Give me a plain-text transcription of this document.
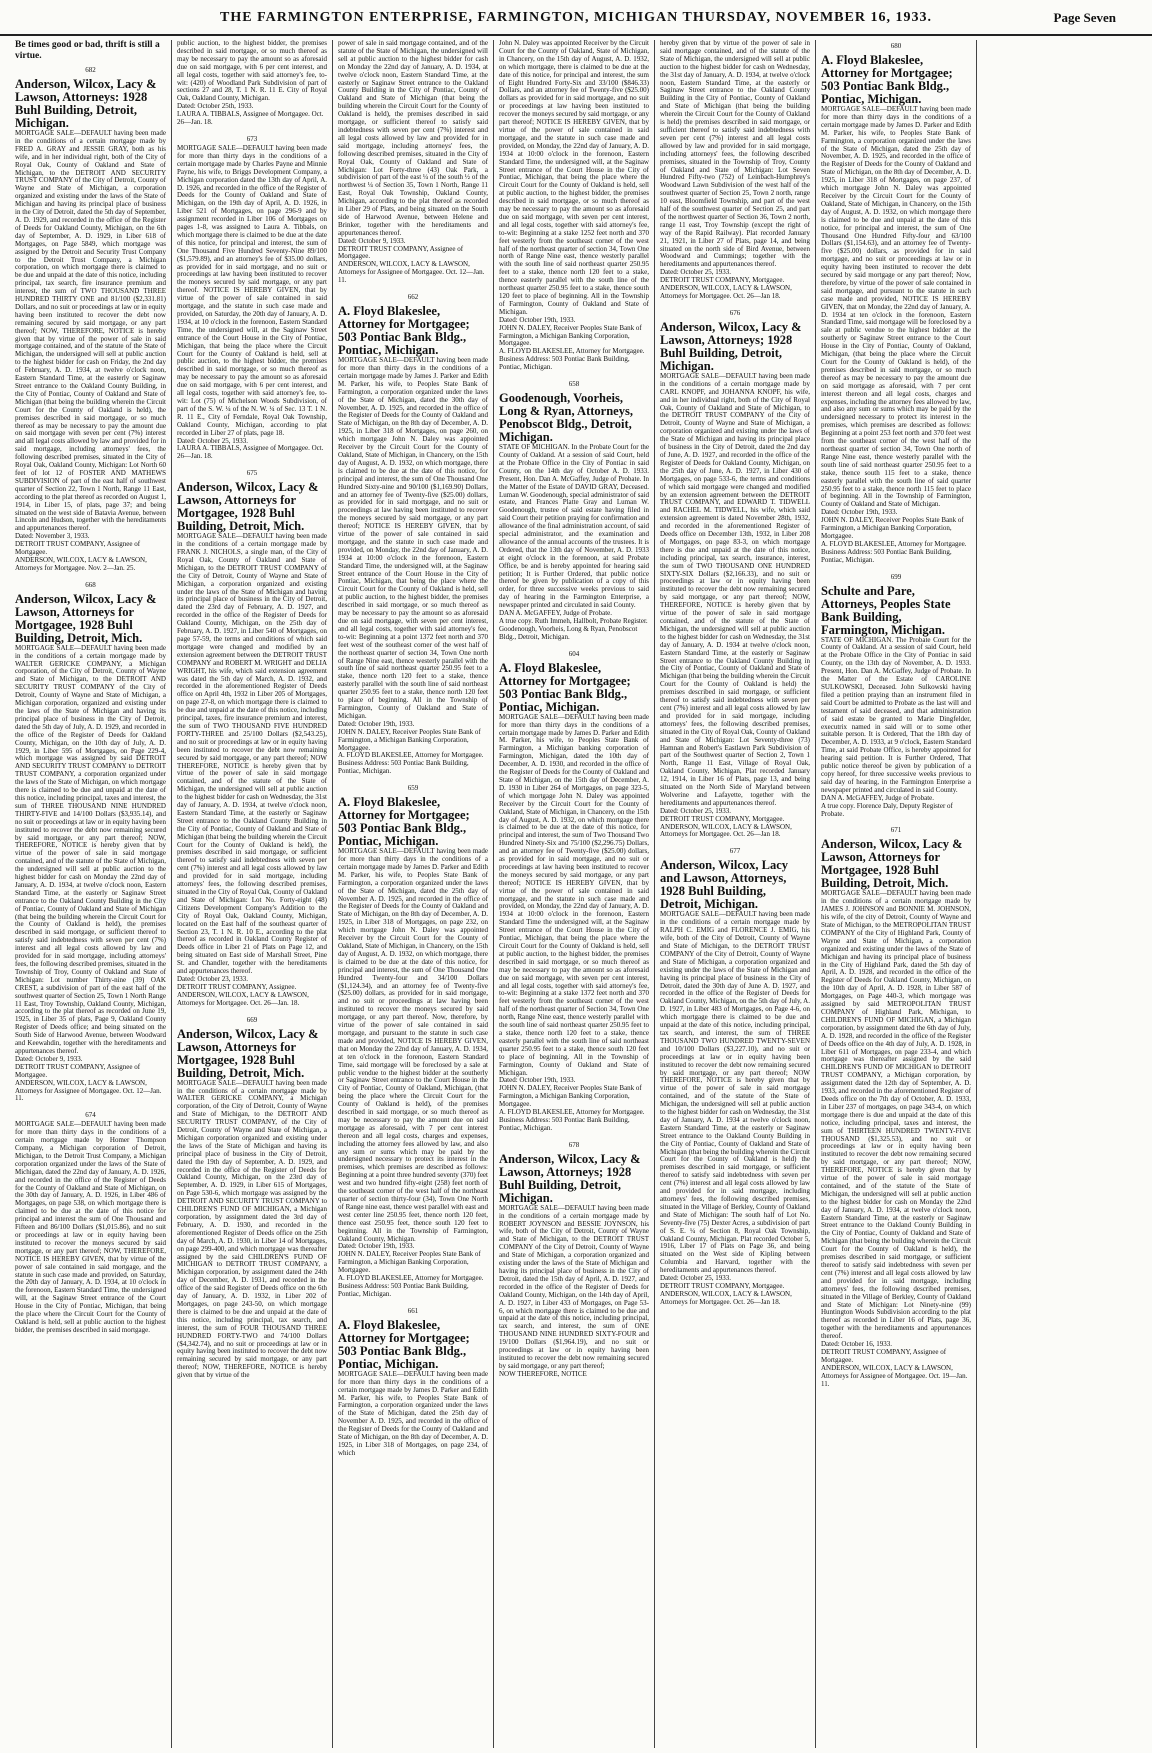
THE FARMINGTON ENTERPRISE, FARMINGTON, MICHIGAN THURSDAY, NOVEMBER 16, 1933.	Page Seven
Be times good or bad, thrift is still a virtue.
682
Anderson, Wilcox, Lacy & Lawson, Attorneys: 1928 Buhl Building, Detroit, Michigan.
MORTGAGE SALE—DEFAULT having been made in the conditions of a certain mortgage made by FRED A. GRAY and JESSIE GRAY, both as his wife, and in her individual right, both of the City of Royal Oak, County of Oakland and State of Michigan, to the DETROIT AND SECURITY TRUST COMPANY of the City of Detroit, County of Wayne and State of Michigan, a corporation organized and existing under the laws of the State of Michigan and having its principal place of business in the City of Detroit, dated the 5th day of September, A. D. 1929, and recorded in the office of the Register of Deeds for Oakland County, Michigan, on the 6th day of September, A. D. 1929, in Liber 618 of Mortgages, on Page 5849, which mortgage was assigned by the Detroit and Security Trust Company to the Detroit Trust Company, a Michigan corporation, on which mortgage there is claimed to be due and unpaid at the date of this notice, including principal, tax search, fire insurance premium and interest, the sum of TWO THOUSAND THREE HUNDRED THIRTY ONE and 81/100 ($2,331.81) Dollars, and no suit or proceedings at law or in equity having been instituted to recover the debt now remaining secured by said mortgage, or any part thereof; NOW, THEREFORE, NOTICE is hereby given that by virtue of the power of sale in said mortgage contained, and of the statute of the State of Michigan, the undersigned will sell at public auction to the highest bidder for cash on Friday, the 2nd day of February, A. D. 1934, at twelve o'clock noon, Eastern Standard Time, at the easterly or Saginaw Street entrance to the Oakland County Building, in the City of Pontiac, County of Oakland and State of Michigan (that being the building wherein the Circuit Court for the County of Oakland is held), the premises described in said mortgage, or so much thereof as may be necessary to pay the amount due on said mortgage with seven per cent (7%) interest and all legal costs allowed by law and provided for in said mortgage, including attorneys' fees, the following described premises, situated in the City of Royal Oak, Oakland County, Michigan: Lot North 60 feet of lot 12 of FOSTER AND MATHEWS SUBDIVISION of part of the east half of southwest quarter of Section 22, Town 1 North, Range 11 East, according to the plat thereof as recorded on August 1, 1914, in Liber 15, of plats, page 37; and being situated on the west side of Batavia Avenue, between Lincoln and Hudson, together with the hereditaments and appurtenances thereof.
Dated: November 3, 1933.
DETROIT TRUST COMPANY, Assignee of Mortgagee.
ANDERSON, WILCOX, LACY & LAWSON, Attorneys for Mortgagee. Nov. 2—Jan. 25.
668
Anderson, Wilcox, Lacy & Lawson, Attorneys for Mortgagee, 1928 Buhl Building, Detroit, Mich.
MORTGAGE SALE—DEFAULT having been made in the conditions of a certain mortgage made by WALTER GERICKE COMPANY, a Michigan corporation, of the City of Detroit, County of Wayne and State of Michigan, to the DETROIT AND SECURITY TRUST COMPANY of the City of Detroit, County of Wayne and State of Michigan, a Michigan corporation, organized and existing under the laws of the State of Michigan and having its principal place of business in the City of Detroit, dated the 5th day of July, A. D. 1929, and recorded in the office of the Register of Deeds for Oakland County, Michigan, on the 10th day of July, A. D. 1929, in Liber 595 of Mortgages, on Page 229-4, which mortgage was assigned by said DETROIT AND SECURITY TRUST COMPANY to DETROIT TRUST COMPANY, a corporation organized under the laws of the State of Michigan, on which mortgage there is claimed to be due and unpaid at the date of this notice, including principal, taxes and interest, the sum of THREE THOUSAND NINE HUNDRED THIRTY-FIVE and 14/100 Dollars ($3,935.14), and no suit or proceedings at law or in equity having been instituted to recover the debt now remaining secured by said mortgage, or any part thereof; NOW, THEREFORE, NOTICE is hereby given that by virtue of the power of sale in said mortgage contained, and of the statute of the State of Michigan, the undersigned will sell at public auction to the highest bidder for cash on Monday the 22nd day of January, A. D. 1934, at twelve o'clock noon, Eastern Standard Time, at the easterly or Saginaw Street entrance to the Oakland County Building in the City of Pontiac, County of Oakland and State of Michigan (that being the building wherein the Circuit Court for the County of Oakland is held), the premises described in said mortgage, or sufficient thereof to satisfy said indebtedness with seven per cent (7%) interest and all legal costs allowed by law and provided for in said mortgage, including attorneys' fees, the following described premises, situated in the Township of Troy, County of Oakland and State of Michigan: Lot number Thirty-nine (39) OAK CREST, a subdivision of part of the east half of the southwest quarter of Section 25, Town 1 North Range 11 East, Troy Township, Oakland County, Michigan, according to the plat thereof as recorded on June 19, 1925, in Liber 35 of plats, Page 9, Oakland County Register of Deeds office; and being situated on the South Side of Harwood Avenue, between Woodward and Keewahdin, together with the hereditaments and appurtenances thereof.
Dated: October 9, 1933.
DETROIT TRUST COMPANY, Assignee of Mortgagee.
ANDERSON, WILCOX, LACY & LAWSON, Attorneys for Assignee of Mortgagee. Oct. 12—Jan. 11.
674
MORTGAGE SALE—DEFAULT having been made for more than thirty days in the conditions of a certain mortgage made by Homer Thompson Company, a Michigan corporation of Detroit, Michigan, to the Detroit Trust Company, a Michigan corporation organized under the laws of the State of Michigan, dated the 22nd day of January, A. D. 1926, and recorded in the office of the Register of Deeds for the County of Oakland and State of Michigan, on the 30th day of January, A. D. 1926, in Liber 486 of Mortgages, on page 538, on which mortgage there is claimed to be due at the date of this notice for principal and interest the sum of One Thousand and Fifteen and 86/100 Dollars ($1,015.86), and no suit or proceedings at law or in equity having been instituted to recover the moneys secured by said mortgage, or any part thereof; NOW, THEREFORE, NOTICE IS HEREBY GIVEN, that by virtue of the power of sale contained in said mortgage, and the statute in such case made and provided, on Saturday, the 20th day of January, A. D. 1934, at 10 o'clock in the forenoon, Eastern Standard Time, the undersigned will, at the Saginaw Street entrance of the Court House in the City of Pontiac, Michigan, that being the place where the Circuit Court for the County of Oakland is held, sell at public auction to the highest bidder, the premises described in said mortgage.
public auction, to the highest bidder, the premises described in said mortgage, or so much thereof as may be necessary to pay the amount so as aforesaid due on said mortgage, with 6 per cent interest, and all legal costs, together with said attorney's fee, to-wit: (420) of Woodland Park Subdivision of part of sections 27 and 28, T. 1 N. R. 11 E. City of Royal Oak, Oakland County, Michigan.
Dated: October 25th, 1933.
LAURA A. TIBBALS, Assignee of Mortgagee. Oct. 26—Jan. 18.
673
MORTGAGE SALE—DEFAULT having been made for more than thirty days in the conditions of a certain mortgage made by Charles Payne and Minnie Payne, his wife, to Briggs Development Company, a Michigan corporation dated the 13th day of April, A. D. 1926, and recorded in the office of the Register of Deeds for the County of Oakland and State of Michigan, on the 19th day of April, A. D. 1926, in Liber 521 of Mortgages, on page 296-9 and by assignment recorded in Liber 106 of Mortgages on pages 1-8, was assigned to Laura A. Tibbals, on which mortgage there is claimed to be due at the date of this notice, for principal and interest, the sum of One Thousand Five Hundred Seventy-Nine 89/100 ($1,579.89), and an attorney's fee of $35.00 dollars, as provided for in said mortgage, and no suit or proceedings at law having been instituted to recover the moneys secured by said mortgage, or any part thereof. NOTICE IS HEREBY GIVEN, that by virtue of the power of sale contained in said mortgage, and the statute in such case made and provided, on Saturday, the 20th day of January, A. D. 1934, at 10 o'clock in the forenoon, Eastern Standard Time, the undersigned will, at the Saginaw Street entrance of the Court House in the City of Pontiac, Michigan, that being the place where the Circuit Court for the County of Oakland is held, sell at public auction, to the highest bidder, the premises described in said mortgage, or so much thereof as may be necessary to pay the amount so as aforesaid due on said mortgage, with 6 per cent interest, and all legal costs, together with said attorney's fee, to-wit: Lot (75) of Michelson Woods Subdivision, of part of the S. W. ¼ of the N. W. ¼ of Sec. 13 T. 1 N. R. 11 E., City of Ferndale, Royal Oak Township, Oakland County, Michigan, according to plat recorded in Liber 27 of plats, page 18.
Dated: October 25, 1933.
LAURA A. TIBBALS, Assignee of Mortgagee. Oct. 26—Jan. 18.
675
Anderson, Wilcox, Lacy & Lawson, Attorneys for Mortgagee, 1928 Buhl Building, Detroit, Mich.
MORTGAGE SALE—DEFAULT having been made in the conditions of a certain mortgage made by FRANK J. NICHOLS, a single man, of the City of Royal Oak, County of Oakland and State of Michigan, to the DETROIT TRUST COMPANY of the City of Detroit, County of Wayne and State of Michigan, a corporation organized and existing under the laws of the State of Michigan and having its principal place of business in the City of Detroit, dated the 23rd day of February, A. D. 1927, and recorded in the office of the Register of Deeds for Oakland County, Michigan, on the 25th day of February, A. D. 1927, in Liber 540 of Mortgages, on page 57-59, the terms and conditions of which said mortgage were changed and modified by an extension agreement between the DETROIT TRUST COMPANY and ROBERT M. WRIGHT and DELIA WRIGHT, his wife, which said extension agreement was dated the 5th day of March, A. D. 1932, and recorded in the aforementioned Register of Deeds office on April 4th, 1932 in Liber 205 of Mortgages, on page 27-8, on which mortgage there is claimed to be due and unpaid at the date of this notice, including principal, taxes, fire insurance premium and interest, the sum of TWO THOUSAND FIVE HUNDRED FORTY-THREE and 25/100 Dollars ($2,543.25), and no suit or proceedings at law or in equity having been instituted to recover the debt now remaining secured by said mortgage, or any part thereof; NOW THEREFORE, NOTICE is hereby given that by virtue of the power of sale in said mortgage contained, and of the statute of the State of Michigan, the undersigned will sell at public auction to the highest bidder for cash on Wednesday, the 31st day of January, A. D. 1934, at twelve o'clock noon, Eastern Standard Time, at the easterly or Saginaw Street entrance to the Oakland County Building in the City of Pontiac, County of Oakland and State of Michigan (that being the building wherein the Circuit Court for the County of Oakland is held), the premises described in said mortgage, or sufficient thereof to satisfy said indebtedness with seven per cent (7%) interest and all legal costs allowed by law and provided for in said mortgage, including attorneys' fees, the following described premises, situated in the City of Royal Oak, County of Oakland and State of Michigan: Lot No. Forty-eight (48) Citizens Development Company's Addition to the City of Royal Oak, Oakland County, Michigan, located on the East half of the southeast quarter of Section 23, T. 1 N. R. 10 E., according to the plat thereof as recorded in Oakland County Register of Deeds office in Liber 21 of Plats on Page 12, and being situated on East side of Marshall Street, Pine St. and Chandler, together with the hereditaments and appurtenances thereof.
Dated: October 23, 1933.
DETROIT TRUST COMPANY, Assignee.
ANDERSON, WILCOX, LACY & LAWSON, Attorneys for Mortgagee. Oct. 26—Jan. 18.
669
Anderson, Wilcox, Lacy & Lawson, Attorneys for Mortgagee, 1928 Buhl Building, Detroit, Mich.
MORTGAGE SALE—DEFAULT having been made in the conditions of a certain mortgage made by WALTER GERICKE COMPANY, a Michigan corporation, of the City of Detroit, County of Wayne and State of Michigan, to the DETROIT AND SECURITY TRUST COMPANY, of the City of Detroit, County of Wayne and State of Michigan, a Michigan corporation organized and existing under the laws of the State of Michigan and having its principal place of business in the City of Detroit, dated the 19th day of September, A. D. 1929, and recorded in the office of the Register of Deeds for Oakland County, Michigan, on the 23rd day of September, A. D. 1929, in Liber 615 of Mortgages, on Page 530-6, which mortgage was assigned by the DETROIT AND SECURITY TRUST COMPANY to CHILDREN'S FUND OF MICHIGAN, a Michigan corporation, by assignment dated the 3rd day of February, A. D. 1930, and recorded in the aforementioned Register of Deeds office on the 25th day of March, A. D. 1930, in Liber 14 of Mortgages, on page 299-400, and which mortgage was thereafter assigned by the said CHILDREN'S FUND OF MICHIGAN to DETROIT TRUST COMPANY, a Michigan corporation, by assignment dated the 24th day of December, A. D. 1931, and recorded in the office of the said Register of Deeds office on the 6th day of January, A. D. 1932, in Liber 202 of Mortgages, on page 243-50, on which mortgage there is claimed to be due and unpaid at the date of this notice, including principal, tax search, and interest, the sum of FOUR THOUSAND THREE HUNDRED FORTY-TWO and 74/100 Dollars ($4,342.74), and no suit or proceedings at law or in equity having been instituted to recover the debt now remaining secured by said mortgage, or any part thereof; NOW, THEREFORE, NOTICE is hereby given that by virtue of the
power of sale in said mortgage contained, and of the statute of the State of Michigan, the undersigned will sell at public auction to the highest bidder for cash on Monday the 22nd day of January, A. D. 1934, at twelve o'clock noon, Eastern Standard Time, at the easterly or Saginaw Street entrance to the Oakland County Building in the City of Pontiac, County of Oakland and State of Michigan (that being the building wherein the Circuit Court for the County of Oakland is held), the premises described in said mortgage, or sufficient thereof to satisfy said indebtedness with seven per cent (7%) interest and all legal costs allowed by law and provided for in said mortgage, including attorneys' fees, the following described premises, situated in the City of Royal Oak, County of Oakland and State of Michigan: Lot Forty-three (43) Oak Park, a subdivision of part of the east ¼ of the south ½ of the northwest ¼ of Section 35, Town 1 North, Range 11 East, Royal Oak Township, Oakland County, Michigan, according to the plat thereof as recorded in Liber 29 of Plats, and being situated on the South side of Harwood Avenue, between Helene and Brinker, together with the hereditaments and appurtenances thereof.
Dated: October 9, 1933.
DETROIT TRUST COMPANY, Assignee of Mortgagee.
ANDERSON, WILCOX, LACY & LAWSON, Attorneys for Assignee of Mortgagee. Oct. 12—Jan. 11.
662
A. Floyd Blakeslee, Attorney for Mortgagee; 503 Pontiac Bank Bldg., Pontiac, Michigan.
MORTGAGE SALE—DEFAULT having been made for more than thirty days in the conditions of a certain mortgage made by James J. Parker and Edith M. Parker, his wife, to Peoples State Bank of Farmington, a corporation organized under the laws of the State of Michigan, dated the 30th day of November, A. D. 1925, and recorded in the office of the Register of Deeds for the County of Oakland and State of Michigan, on the 8th day of December, A. D. 1925, in Liber 318 of Mortgages, on page 260, on which mortgage John N. Daley was appointed Receiver by the Circuit Court for the County of Oakland, State of Michigan, in Chancery, on the 15th day of August, A. D. 1932, on which mortgage, there is claimed to be due at the date of this notice, for principal and interest, the sum of One Thousand One Hundred Sixty-nine and 90/100 ($1,169.90) Dollars, and an attorney fee of Twenty-five ($25.00) dollars, as provided for in said mortgage, and no suit or proceedings at law having been instituted to recover the moneys secured by said mortgage, or any part thereof; NOTICE IS HEREBY GIVEN, that by virtue of the power of sale contained in said mortgage, and the statute in such case made and provided, on Monday, the 22nd day of January, A. D. 1934 at 10:00 o'clock in the forenoon, Eastern Standard Time, the undersigned will, at the Saginaw Street entrance of the Court House in the City of Pontiac, Michigan, that being the place where the Circuit Court for the County of Oakland is held, sell at public auction, to the highest bidder, the premises described in said mortgage, or so much thereof as may be necessary to pay the amount so as aforesaid due on said mortgage, with seven per cent interest, and all legal costs, together with said attorney's fee, to-wit: Beginning at a point 1372 feet north and 370 feet west of the southeast corner of the west half of the northeast quarter of section 34, Town One north of Range Nine east, thence westerly parallel with the south line of said northeast quarter 250.95 feet to a stake, thence north 120 feet to a stake, thence easterly parallel with the south line of said northeast quarter 250.95 feet to a stake, thence north 120 feet to place of beginning. All in the Township of Farmington, County of Oakland and State of Michigan.
Dated: October 19th, 1933.
JOHN N. DALEY, Receiver Peoples State Bank of Farmington, a Michigan Banking Corporation, Mortgagee.
A. FLOYD BLAKESLEE, Attorney for Mortgagee. Business Address: 503 Pontiac Bank Building, Pontiac, Michigan.
659
A. Floyd Blakeslee, Attorney for Mortgagee; 503 Pontiac Bank Bldg., Pontiac, Michigan.
MORTGAGE SALE—DEFAULT having been made for more than thirty days in the conditions of a certain mortgage made by James D. Parker and Edith M. Parker, his wife, to Peoples State Bank of Farmington, a corporation organized under the laws of the State of Michigan, dated the 25th day of November A. D. 1925, and recorded in the office of the Register of Deeds for the County of Oakland and State of Michigan, on the 8th day of December, A. D. 1925, in Liber 318 of Mortgages, on page 232, on which mortgage John N. Daley was appointed Receiver by the Circuit Court for the County of Oakland, State of Michigan, in Chancery, on the 15th day of August, A. D. 1932, on which mortgage, there is claimed to be due at the date of this notice, for principal and interest, the sum of One Thousand One Hundred Twenty-four and 34/100 Dollars ($1,124.34), and an attorney fee of Twenty-five ($25.00) dollars, as provided for in said mortgage, and no suit or proceedings at law having been instituted to recover the moneys secured by said mortgage, or any part thereof. Now, therefore, by virtue of the power of sale contained in said mortgage, and pursuant to the statute in such case made and provided, NOTICE IS HEREBY GIVEN, that on Monday the 22nd day of January, A. D. 1934, at ten o'clock in the forenoon, Eastern Standard Time, said mortgage will be foreclosed by a sale at public vendue to the highest bidder at the southerly or Saginaw Street entrance to the Court House in the City of Pontiac, County of Oakland, Michigan, (that being the place where the Circuit Court for the County of Oakland is held), of the premises described in said mortgage, or so much thereof as may be necessary to pay the amount due on said mortgage as aforesaid, with 7 per cent interest thereon and all legal costs, charges and expenses, including the attorney fees allowed by law, and also any sum or sums which may be paid by the undersigned necessary to protect its interest in the premises, which premises are described as follows: Beginning at a point three hundred seventy (370) feet west and two hundred fifty-eight (258) feet north of the southeast corner of the west half of the northeast quarter of section thirty-four (34), Town One North of Range nine east, thence west parallel with east and west center line 250.95 feet, thence north 120 feet, thence east 250.95 feet, thence south 120 feet to beginning. All in the Township of Farmington, Oakland County, Michigan.
Dated: October 19th, 1933.
JOHN N. DALEY, Receiver Peoples State Bank of Farmington, a Michigan Banking Corporation, Mortgagee.
A. FLOYD BLAKESLEE, Attorney for Mortgagee. Business Address: 503 Pontiac Bank Building, Pontiac, Michigan.
661
A. Floyd Blakeslee, Attorney for Mortgagee; 503 Pontiac Bank Bldg., Pontiac, Michigan.
MORTGAGE SALE—DEFAULT having been made for more than thirty days in the conditions of a certain mortgage made by James D. Parker and Edith M. Parker, his wife, to Peoples State Bank of Farmington, a corporation organized under the laws of the State of Michigan, dated the 25th day of November A. D. 1925, and recorded in the office of the Register of Deeds for the County of Oakland and State of Michigan, on the 8th day of December, A. D. 1925, in Liber 318 of Mortgages, on page 234, of which
John N. Daley was appointed Receiver by the Circuit Court for the County of Oakland, State of Michigan, in Chancery, on the 15th day of August, A. D. 1932, on which mortgage, there is claimed to be due at the date of this notice, for principal and interest, the sum of Eight Hundred Forty-Six and 33/100 ($846.33) Dollars, and an attorney fee of Twenty-five ($25.00) dollars as provided for in said mortgage, and no suit or proceedings at law having been instituted to recover the moneys secured by said mortgage, or any part thereof; NOTICE IS HEREBY GIVEN, that by virtue of the power of sale contained in said mortgage, and the statute in such case made and provided, on Monday, the 22nd day of January, A. D. 1934 at 10:00 o'clock in the forenoon, Eastern Standard Time, the undersigned will, at the Saginaw Street entrance of the Court House in the City of Pontiac, Michigan, that being the place where the Circuit Court for the County of Oakland is held, sell at public auction, to the highest bidder, the premises described in said mortgage, or so much thereof as may be necessary to pay the amount so as aforesaid due on said mortgage, with seven per cent interest, and all legal costs, together with said attorney's fee, to-wit: Beginning at a stake 1252 feet north and 370 feet westerly from the southeast corner of the west half of the northeast quarter of section 34, Town One north of Range Nine east, thence westerly parallel with the south line of said northeast quarter 250.95 feet to a stake, thence north 120 feet to a stake, thence easterly parallel with the south line of the northeast quarter 250.95 feet to a stake, thence south 120 feet to place of beginning. All in the Township of Farmington, County of Oakland and State of Michigan.
Dated: October 19th, 1933.
JOHN N. DALEY, Receiver Peoples State Bank of Farmington, a Michigan Banking Corporation, Mortgagee.
A. FLOYD BLAKESLEE, Attorney for Mortgagee. Business Address: 503 Pontiac Bank Building, Pontiac, Michigan.
658
Goodenough, Voorheis, Long & Ryan, Attorneys, Penobscot Bldg., Detroit, Michigan.
STATE OF MICHIGAN. In the Probate Court for the County of Oakland. At a session of said Court, held at the Probate Office in the City of Pontiac in said County, on the 14th day of October A. D. 1933. Present, Hon. Dan A. McGaffey, Judge of Probate. In the Matter of the Estate of DAVID GRAY, Deceased. Luman W. Goodenough, special administrator of said estate, and Frances Platte Gray and Luman W. Goodenough, trustee of said estate having filed in said Court their petition praying for confirmation and allowance of the final administration account, of said special administrator, and the examination and allowance of the annual accounts of the trustees. It is Ordered, that the 13th day of November, A. D. 1933 at eight o'clock in the forenoon, at said Probate Office, be and is hereby appointed for hearing said petition; It is Further Ordered, that public notice thereof be given by publication of a copy of this order, for three successive weeks previous to said day of hearing in the Farmington Enterprise, a newspaper printed and circulated in said County.
DAN A. McGAFFEY, Judge of Probate.
A true copy. Ruth Immeh, Hallbolt, Probate Register.
Goodenough, Voorheis, Long & Ryan, Penobscot Bldg., Detroit, Michigan.
604
A. Floyd Blakeslee, Attorney for Mortgagee; 503 Pontiac Bank Bldg., Pontiac, Michigan.
MORTGAGE SALE—DEFAULT having been made for more than thirty days in the conditions of a certain mortgage made by James D. Parker and Edith M. Parker, his wife, to Peoples State Bank of Farmington, a Michigan banking corporation of Farmington, Michigan, dated the 10th day of December, A. D. 1930, and recorded in the office of the Register of Deeds for the County of Oakland and State of Michigan, on the 15th day of December, A. D. 1930 in Liber 264 of Mortgages, on page 323-5, of which mortgage John N. Daley was appointed Receiver by the Circuit Court for the County of Oakland, State of Michigan, in Chancery, on the 15th day of August, A. D. 1932, on which mortgage there is claimed to be due at the date of this notice, for principal and interest, the sum of Two Thousand Two Hundred Ninety-Six and 75/100 ($2,296.75) Dollars, and an attorney fee of Twenty-five ($25.00) dollars, as provided for in said mortgage, and no suit or proceedings at law having been instituted to recover the moneys secured by said mortgage, or any part thereof; NOTICE IS HEREBY GIVEN, that by virtue of the power of sale contained in said mortgage, and the statute in such case made and provided, on Monday, the 22nd day of January, A. D. 1934 at 10:00 o'clock in the forenoon, Eastern Standard Time the undersigned will, at the Saginaw Street entrance of the Court House in the City of Pontiac, Michigan, that being the place where the Circuit Court for the County of Oakland is held, sell at public auction, to the highest bidder, the premises described in said mortgage, or so much thereof as may be necessary to pay the amount so as aforesaid due on said mortgage, with seven per cent interest, and all legal costs, together with said attorney's fee, to-wit: Beginning at a stake 1372 feet north and 370 feet westerly from the southeast corner of the west half of the northeast quarter of Section 34, Town One north, Range Nine east, thence westerly parallel with the south line of said northeast quarter 250.95 feet to a stake, thence north 120 feet to a stake, thence easterly parallel with the south line of said northeast quarter 250.95 feet to a stake, thence south 120 feet to place of beginning. All in the Township of Farmington, County of Oakland and State of Michigan.
Dated: October 19th, 1933.
JOHN N. DALEY, Receiver Peoples State Bank of Farmington, a Michigan Banking Corporation, Mortgagee.
A. FLOYD BLAKESLEE, Attorney for Mortgagee. Business Address: 503 Pontiac Bank Building, Pontiac, Michigan.
678
Anderson, Wilcox, Lacy & Lawson, Attorneys; 1928 Buhl Building, Detroit, Michigan.
MORTGAGE SALE—DEFAULT having been made in the conditions of a certain mortgage made by ROBERT JOYNSON and BESSIE JOYNSON, his wife, both of the City of Detroit, County of Wayne and State of Michigan, to the DETROIT TRUST COMPANY of the City of Detroit, County of Wayne and State of Michigan, a corporation organized and existing under the laws of the State of Michigan and having its principal place of business in the City of Detroit, dated the 15th day of April, A. D. 1927, and recorded in the office of the Register of Deeds for Oakland County, Michigan, on the 14th day of April, A. D. 1927, in Liber 433 of Mortgages, on Page 53-6, on which mortgage there is claimed to be due and unpaid at the date of this notice, including principal, tax search, and interest, the sum of ONE THOUSAND NINE HUNDRED SIXTY-FOUR and 19/100 Dollars ($1,964.19), and no suit or proceedings at law or in equity having been instituted to recover the debt now remaining secured by said mortgage, or any part thereof;
NOW THEREFORE, NOTICE
hereby given that by virtue of the power of sale in said mortgage contained, and of the statute of the State of Michigan, the undersigned will sell at public auction to the highest bidder for cash on Wednesday, the 31st day of January, A. D. 1934, at twelve o'clock noon, Eastern Standard Time, at the easterly or Saginaw Street entrance to the Oakland County Building in the City of Pontiac, County of Oakland and State of Michigan (that being the building wherein the Circuit Court for the County of Oakland is held) the premises described in said mortgage, or sufficient thereof to satisfy said indebtedness with seven per cent (7%) interest and all legal costs allowed by law and provided for in said mortgage, including attorneys' fees, the following described premises, situated in the Township of Troy, County of Oakland and State of Michigan: Lot Seven Hundred Fifty-two (752) of Leinbach-Humphrey's Woodward Lawn Subdivision of the west half of the southwest quarter of Section 25, Town 2 north, range 10 east, Bloomfield Township, and part of the west half of the southwest quarter of Section 25, and part of the northwest quarter of Section 36, Town 2 north, range 11 east, Troy Township (except the right of way of the Rapid Railway). Plat recorded January 21, 1921, in Liber 27 of Plats, page 14, and being situated on the north side of Bird Avenue, between Woodward and Cummings; together with the hereditaments and appurtenances thereof.
Dated: October 25, 1933.
DETROIT TRUST COMPANY, Mortgagee.
ANDERSON, WILCOX, LACY & LAWSON, Attorneys for Mortgagee. Oct. 26—Jan 18.
676
Anderson, Wilcox, Lacy & Lawson, Attorneys; 1928 Buhl Building, Detroit, Michigan.
MORTGAGE SALE—DEFAULT having been made in the conditions of a certain mortgage made by CARL KNOPF, and JOHANNA KNOPF, his wife, and in her individual right, both of the City of Royal Oak, County of Oakland and State of Michigan, to the DETROIT TRUST COMPANY of the City of Detroit, County of Wayne and State of Michigan, a corporation organized and existing under the laws of the State of Michigan and having its principal place of business in the City of Detroit, dated the 2nd day of June, A. D. 1927, and recorded in the office of the Register of Deeds for Oakland County, Michigan, on the 25th day of June, A. D. 1927, in Liber 430 of Mortgages, on page 533-6, the terms and conditions of which said mortgage were changed and modified by an extension agreement between the DETROIT TRUST COMPANY, and EDWARD T. TIDWELL and RACHEL M. TIDWELL, his wife, which said extension agreement is dated November 28th, 1932, and recorded in the aforementioned Register of Deeds office on December 13th, 1932, in Liber 208 of Mortgages, on page 83-3, on which mortgage there is due and unpaid at the date of this notice, including principal, tax search, insurance, interest, the sum of TWO THOUSAND ONE HUNDRED SIXTY-SIX Dollars ($2,166.33), and no suit or proceedings at law or in equity having been instituted to recover the debt now remaining secured by said mortgage, or any part thereof; NOW, THEREFORE, NOTICE is hereby given that by virtue of the power of sale in said mortgage contained, and of the statute of the State of Michigan, the undersigned will sell at public auction to the highest bidder for cash on Wednesday, the 31st day of January, A. D. 1934 at twelve o'clock noon, Eastern Standard Time, at the easterly or Saginaw Street entrance to the Oakland County Building in the City of Pontiac, County of Oakland and State of Michigan (that being the building wherein the Circuit Court for the County of Oakland is held) the premises described in said mortgage, or sufficient thereof to satisfy said indebtedness with seven per cent (7%) interest and all legal costs allowed by law and provided for in said mortgage, including attorneys' fees, the following described premises, situated in the City of Royal Oak, County of Oakland and State of Michigan: Lot Seventy-three (73) Hamnan and Robert's Eastlawn Park Subdivision of part of the Southwest quarter of Section 2, Town 1 North, Range 11 East, Village of Royal Oak, Oakland County, Michigan, Plat recorded January 12, 1914, in Liber 16 of Plats, page 13, and being situated on the North Side of Maryland between Wolverine and Lafayette, together with the hereditaments and appurtenances thereof.
Dated: October 25, 1933.
DETROIT TRUST COMPANY, Mortgagee.
ANDERSON, WILCOX, LACY & LAWSON, Attorneys for Mortgagee. Oct. 26—Jan 18.
677
Anderson, Wilcox, Lacy and Lawson, Attorneys, 1928 Buhl Building, Detroit, Michigan.
MORTGAGE SALE—DEFAULT having been made in the conditions of a certain mortgage made by RALPH C. EMIG and FLORENCE J. EMIG, his wife, both of the City of Detroit, County of Wayne and State of Michigan, to the DETROIT TRUST COMPANY of the City of Detroit, County of Wayne and State of Michigan, a corporation organized and existing under the laws of the State of Michigan and having its principal place of business in the City of Detroit, dated the 30th day of June A. D. 1927, and recorded in the office of the Register of Deeds for Oakland County, Michigan, on the 5th day of July, A. D. 1927, in Liber 483 of Mortgages, on Page 4-6, on which mortgage there is claimed to be due and unpaid at the date of this notice, including principal, tax search, and interest, the sum of THREE THOUSAND TWO HUNDRED TWENTY-SEVEN and 10/100 Dollars ($3,227.10), and no suit or proceedings at law or in equity having been instituted to recover the debt now remaining secured by said mortgage, or any part thereof; NOW THEREFORE, NOTICE is hereby given that by virtue of the power of sale in said mortgage contained, and of the statute of the State of Michigan, the undersigned will sell at public auction to the highest bidder for cash on Wednesday, the 31st day of January, A. D. 1934 at twelve o'clock noon, Eastern Standard Time, at the easterly or Saginaw Street entrance to the Oakland County Building in the City of Pontiac, County of Oakland and State of Michigan (that being the building wherein the Circuit Court for the County of Oakland is held) the premises described in said mortgage, or sufficient thereof to satisfy said indebtedness with seven per cent (7%) interest and all legal costs allowed by law and provided for in said mortgage, including attorneys' fees, the following described premises, situated in the Village of Berkley, County of Oakland and State of Michigan: The south half of Lot No. Seventy-five (75) Dexter Acres, a subdivision of part of S. E. ¼ of Section 8, Royal Oak Township, Oakland County, Michigan. Plat recorded October 5, 1916, Liber 17 of Plats on Page 36, and being situated on the West side of Kipling between Columbia and Harvard, together with the hereditaments and appurtenances thereof.
Dated: October 25, 1933.
DETROIT TRUST COMPANY, Mortgagee.
ANDERSON, WILCOX, LACY & LAWSON, Attorneys for Mortgagee. Oct. 26—Jan 18.
680
A. Floyd Blakeslee, Attorney for Mortgagee; 503 Pontiac Bank Bldg., Pontiac, Michigan.
MORTGAGE SALE—DEFAULT having been made for more than thirty days in the conditions of a certain mortgage made by James D. Parker and Edith M. Parker, his wife, to Peoples State Bank of Farmington, a corporation organized under the laws of the State of Michigan, dated the 25th day of November, A. D. 1925, and recorded in the office of the Register of Deeds for the County of Oakland and State of Michigan, on the 8th day of December, A. D. 1925, in Liber 318 of Mortgages, on page 237, of which mortgage John N. Daley was appointed Receiver by the Circuit Court for the County of Oakland, State of Michigan, in Chancery, on the 15th day of August, A. D. 1932, on which mortgage there is claimed to be due and unpaid at the date of this notice, for principal and interest, the sum of One Thousand One Hundred Fifty-four and 63/100 Dollars ($1,154.63), and an attorney fee of Twenty-five ($25.00) dollars, as provided for in said mortgage, and no suit or proceedings at law or in equity having been instituted to recover the debt secured by said mortgage or any part thereof; Now, therefore, by virtue of the power of sale contained in said mortgage, and pursuant to the statute in such case made and provided, NOTICE IS HEREBY GIVEN, that on Monday, the 22nd day of January, A. D. 1934 at ten o'clock in the forenoon, Eastern Standard Time, said mortgage will be foreclosed by a sale at public vendue to the highest bidder at the southerly or Saginaw Street entrance to the Court House in the City of Pontiac, County of Oakland, Michigan, (that being the place where the Circuit Court for the County of Oakland is held), of the premises described in said mortgage, or so much thereof as may be necessary to pay the amount due on said mortgage as aforesaid, with 7 per cent interest thereon and all legal costs, charges and expenses, including the attorney fees allowed by law, and also any sum or sums which may be paid by the undersigned necessary to protect its interest in the premises, which premises are described as follows: Beginning at a point 253 feet north and 370 feet west from the southeast corner of the west half of the northeast quarter of section 34, Town One north of Range Nine east, thence westerly parallel with the south line of said northeast quarter 250.95 feet to a stake, thence south 115 feet to a stake, thence easterly parallel with the south line of said quarter 250.95 feet to a stake, thence north 115 feet to place of beginning. All in the Township of Farmington, County of Oakland and State of Michigan.
Dated: October 19th, 1933.
JOHN N. DALEY, Receiver Peoples State Bank of Farmington, a Michigan Banking Corporation, Mortgagee.
A. FLOYD BLAKESLEE, Attorney for Mortgagee. Business Address: 503 Pontiac Bank Building, Pontiac, Michigan.
699
Schulte and Pare, Attorneys, Peoples State Bank Building, Farmington, Michigan.
STATE OF MICHIGAN. The Probate Court for the County of Oakland. At a session of said Court, held at the Probate Office in the City of Pontiac in said County, on the 13th day of November, A. D. 1933. Present, Hon. Dan A. McGaffey, Judge of Probate. In the Matter of the Estate of CAROLINE SULKOWSKI, Deceased. John Sulkowski having filed a petition praying than an instrument filed in said Court be admitted to Probate as the last will and testament of said deceased, and that administration of said estate be granted to Marie Dingfelder, executrix named in said will or to some other suitable person. It is Ordered, That the 18th day of December, A. D. 1933, at 9 o'clock, Eastern Standard Time, at said Probate Office, is hereby appointed for hearing said petition. It is Further Ordered, That public notice thereof be given by publication of a copy hereof, for three successive weeks previous to said day of hearing, in the Farmington Enterprise a newspaper printed and circulated in said County.
DAN A. McGAFFEY, Judge of Probate.
A true copy. Florence Daly, Deputy Register of Probate.
671
Anderson, Wilcox, Lacy & Lawson, Attorneys for Mortgagee, 1928 Buhl Building, Detroit, Mich.
MORTGAGE SALE—DEFAULT having been made in the conditions of a certain mortgage made by JAMES J. JOHNSON and BONNIE M. JOHNSON, his wife, of the city of Detroit, County of Wayne and State of Michigan, to the METROPOLITAN TRUST COMPANY of the City of Highland Park, County of Wayne and State of Michigan, a corporation organized and existing under the laws of the State of Michigan and having its principal place of business in the City of Highland Park, dated the 5th day of April, A. D. 1928, and recorded in the office of the Register of Deeds for Oakland County, Michigan, on the 10th day of April, A. D. 1928, in Liber 587 of Mortgages, on Page 440-3, which mortgage was assigned by said METROPOLITAN TRUST COMPANY of Highland Park, Michigan, to CHILDREN'S FUND OF MICHIGAN, a Michigan corporation, by assignment dated the 6th day of July, A. D. 1928, and recorded in the office of the Register of Deeds office on the 4th day of July, A. D. 1928, in Liber 611 of Mortgages, on page 233-4, and which mortgage was thereafter assigned by the said CHILDREN'S FUND OF MICHIGAN to DETROIT TRUST COMPANY, a Michigan corporation, by assignment dated the 12th day of September, A. D. 1933, and recorded in the aforementioned Register of Deeds office on the 7th day of October, A. D. 1933, in Liber 237 of mortgages, on page 343-4, on which mortgage there is due and unpaid at the date of this notice, including principal, taxes and interest, the sum of THIRTEEN HUNDRED TWENTY-FIVE THOUSAND ($1,325.53), and no suit or proceedings at law or in equity having been instituted to recover the debt now remaining secured by said mortgage, or any part thereof; NOW, THEREFORE, NOTICE is hereby given that by virtue of the power of sale in said mortgage contained, and of the statute of the State of Michigan, the undersigned will sell at public auction to the highest bidder for cash on Monday the 22nd day of January, A. D. 1934, at twelve o'clock noon, Eastern Standard Time, at the easterly or Saginaw Street entrance to the Oakland County Building in the City of Pontiac, County of Oakland and State of Michigan (that being the building wherein the Circuit Court for the County of Oakland is held), the premises described in said mortgage, or sufficient thereof to satisfy said indebtedness with seven per cent (7%) interest and all legal costs allowed by law and provided for in said mortgage, including attorneys' fees, the following described premises, situated in the Village of Berkley, County of Oakland and State of Michigan: Lot Ninety-nine (99) Huntington Woods Subdivision according to the plat thereof as recorded in Liber 16 of Plats, page 36, together with the hereditaments and appurtenances thereof.
Dated: October 16, 1933.
DETROIT TRUST COMPANY, Assignee of Mortgagee.
ANDERSON, WILCOX, LACY & LAWSON, Attorneys for Assignee of Mortgagee. Oct. 19—Jan. 11.
